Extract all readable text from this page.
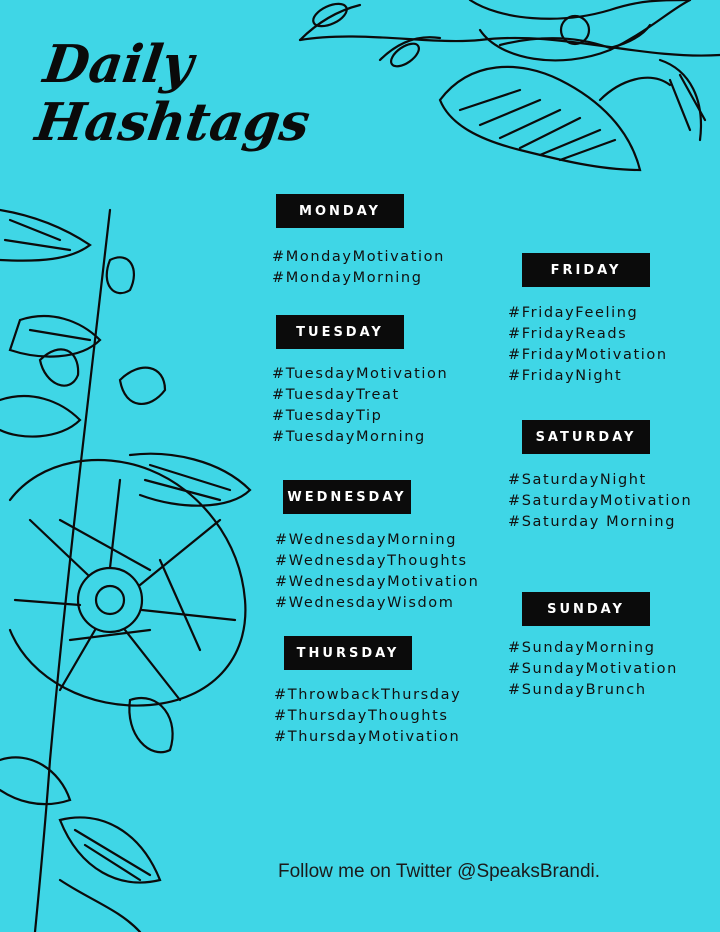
Daily
Hashtags
MONDAY
#MondayMotivation
#MondayMorning
TUESDAY
#TuesdayMotivation
#TuesdayTreat
#TuesdayTip
#TuesdayMorning
WEDNESDAY
#WednesdayMorning
#WednesdayThoughts
#WednesdayMotivation
#WednesdayWisdom
THURSDAY
#ThrowbackThursday
#ThursdayThoughts
#ThursdayMotivation
FRIDAY
#FridayFeeling
#FridayReads
#FridayMotivation
#FridayNight
SATURDAY
#SaturdayNight
#SaturdayMotivation
#Saturday Morning
SUNDAY
#SundayMorning
#SundayMotivation
#SundayBrunch
Follow me on Twitter @SpeaksBrandi.
